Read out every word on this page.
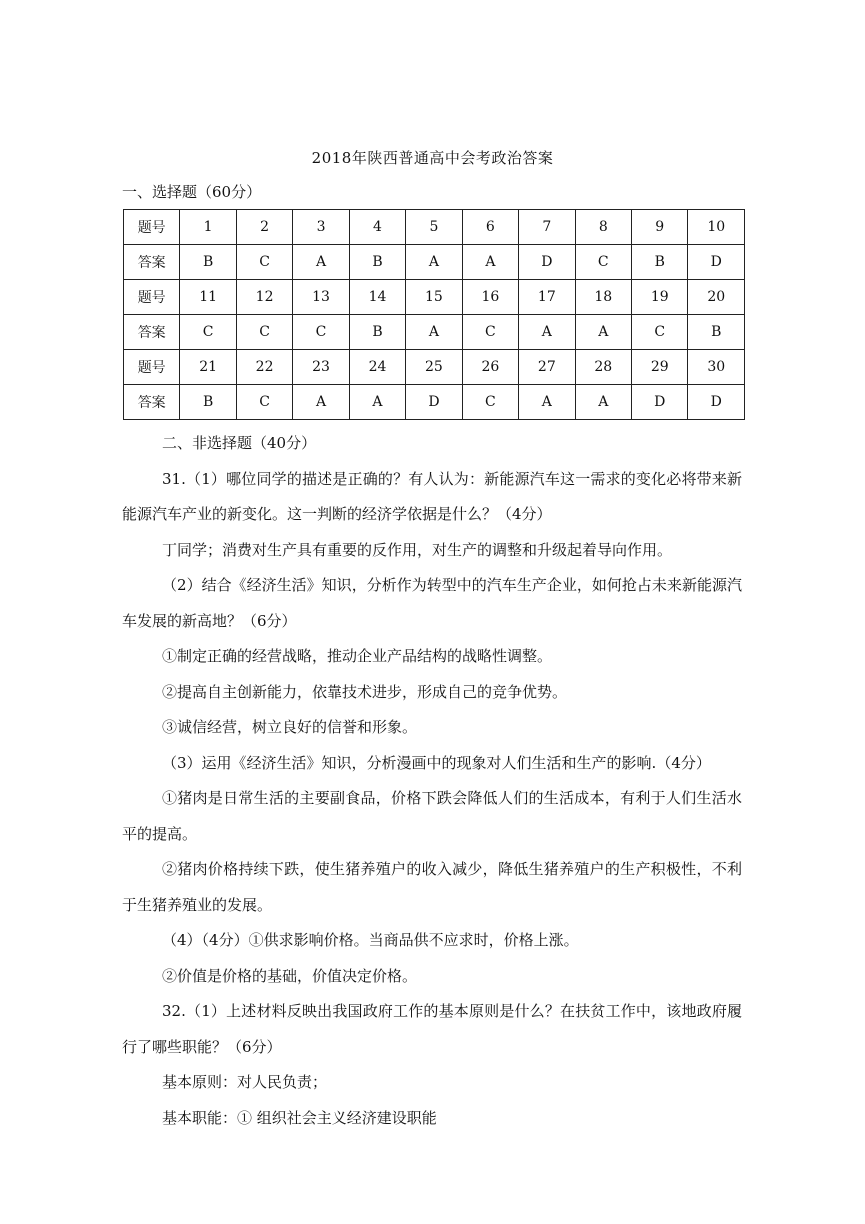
2018年陕西普通高中会考政治答案
一、选择题（60分）
题号	1	2	3	4	5	6	7	8	9	10
答案	B	C	A	B	A	A	D	C	B	D
题号	11	12	13	14	15	16	17	18	19	20
答案	C	C	C	B	A	C	A	A	C	B
题号	21	22	23	24	25	26	27	28	29	30
答案	B	C	A	A	D	C	A	A	D	D

二、非选择题（40分）

31.（1）哪位同学的描述是正确的？有人认为：新能源汽车这一需求的变化必将带来新能源汽车产业的新变化。这一判断的经济学依据是什么？（4分）

丁同学；消费对生产具有重要的反作用，对生产的调整和升级起着导向作用。

（2）结合《经济生活》知识，分析作为转型中的汽车生产企业，如何抢占未来新能源汽车发展的新高地？（6分）

①制定正确的经营战略，推动企业产品结构的战略性调整。

②提高自主创新能力，依靠技术进步，形成自己的竞争优势。

③诚信经营，树立良好的信誉和形象。

（3）运用《经济生活》知识，分析漫画中的现象对人们生活和生产的影响.（4分）

①猪肉是日常生活的主要副食品，价格下跌会降低人们的生活成本，有利于人们生活水平的提高。

②猪肉价格持续下跌，使生猪养殖户的收入减少，降低生猪养殖户的生产积极性，不利于生猪养殖业的发展。

（4）（4分）①供求影响价格。当商品供不应求时，价格上涨。

②价值是价格的基础，价值决定价格。

32.（1）上述材料反映出我国政府工作的基本原则是什么？在扶贫工作中，该地政府履行了哪些职能？（6分）

基本原则：对人民负责；

基本职能：① 组织社会主义经济建设职能
